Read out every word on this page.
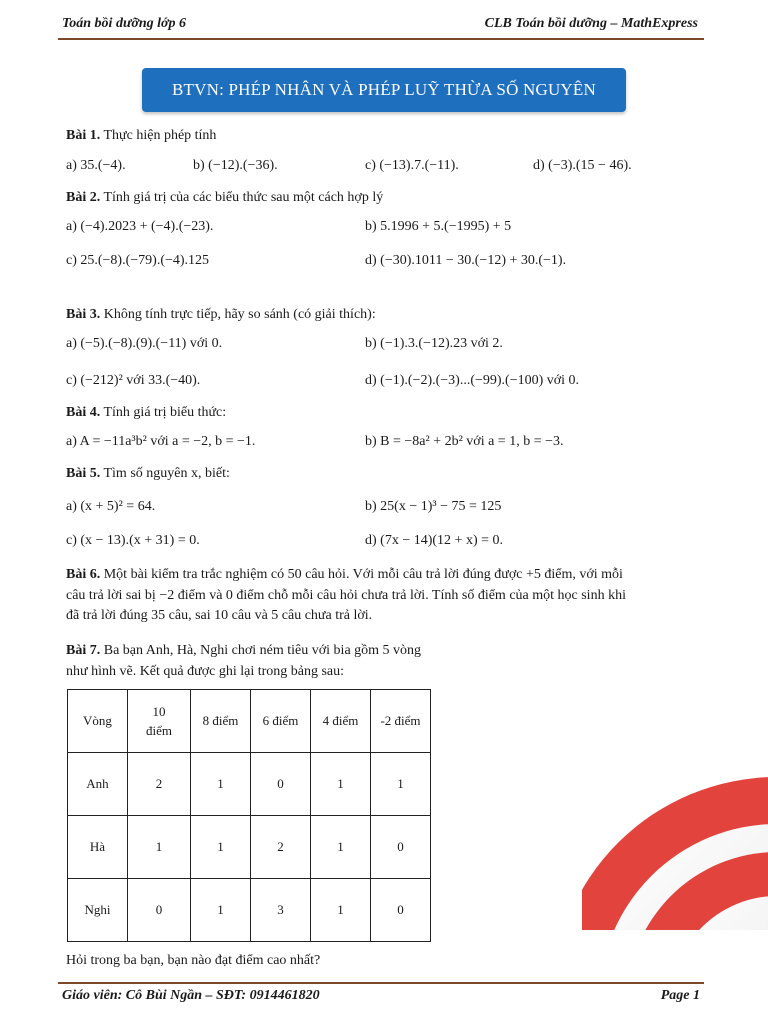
Toán bồi dưỡng lớp 6	CLB Toán bồi dưỡng – MathExpress
BTVN: PHÉP NHÂN VÀ PHÉP LUỸ THỪA SỐ NGUYÊN
Bài 1. Thực hiện phép tính
a) 35.(−4).	b) (−12).(−36).	c) (−13).7.(−11).	d) (−3).(15 − 46).
Bài 2. Tính giá trị của các biểu thức sau một cách hợp lý
a) (−4).2023 + (−4).(−23).	b) 5.1996 + 5.(−1995) + 5
c) 25.(−8).(−79).(−4).125	d) (−30).1011 − 30.(−12) + 30.(−1).
Bài 3. Không tính trực tiếp, hãy so sánh (có giải thích):
a) (−5).(−8).(9).(−11) với 0.	b) (−1).3.(−12).23 với 2.
c) (−212)² với 33.(−40).	d) (−1).(−2).(−3)...(−99).(−100) với 0.
Bài 4. Tính giá trị biểu thức:
a) A = −11a³b² với a = −2, b = −1.	b) B = −8a² + 2b² với a = 1, b = −3.
Bài 5. Tìm số nguyên x, biết:
a) (x + 5)² = 64.	b) 25(x − 1)³ − 75 = 125
c) (x − 13).(x + 31) = 0.	d) (7x − 14)(12 + x) = 0.
Bài 6. Một bài kiểm tra trắc nghiệm có 50 câu hỏi. Với mỗi câu trả lời đúng được +5 điểm, với mỗi
câu trả lời sai bị −2 điểm và 0 điểm chỗ mỗi câu hỏi chưa trả lời. Tính số điểm của một học sinh khi
đã trả lời đúng 35 câu, sai 10 câu và 5 câu chưa trả lời.
Bài 7. Ba bạn Anh, Hà, Nghi chơi ném tiêu với bia gồm 5 vòng
như hình vẽ. Kết quả được ghi lại trong bảng sau:
Vòng	10 điểm	8 điểm	6 điểm	4 điểm	-2 điểm
Anh	2	1	0	1	1
Hà	1	1	2	1	0
Nghi	0	1	3	1	0
Hỏi trong ba bạn, bạn nào đạt điểm cao nhất?
Giáo viên: Cô Bùi Ngần – SĐT: 0914461820	Page 1
